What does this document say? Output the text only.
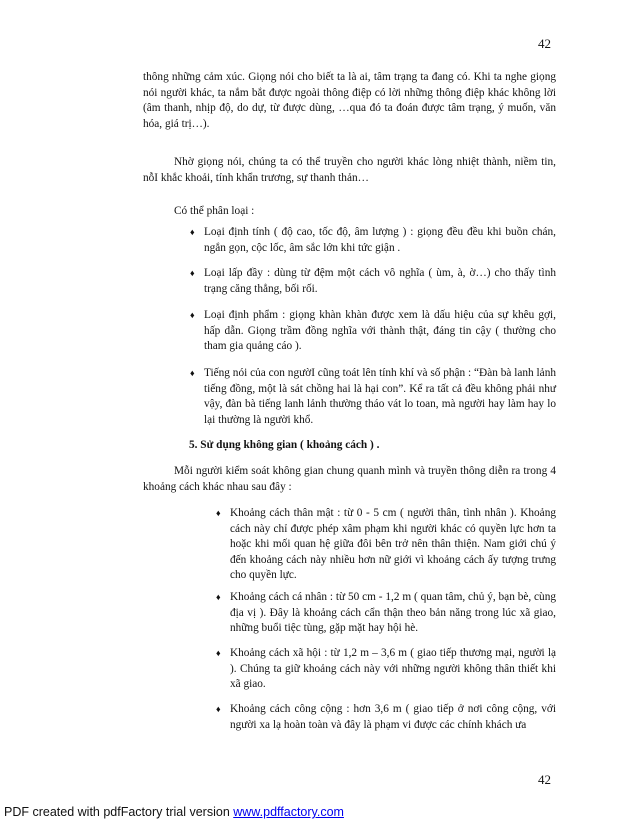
42

thông những cảm xúc. Giọng nói cho biết ta là ai, tâm trạng ta đang có. Khi ta nghe giọng nói người khác, ta nắm bắt được ngoài thông điệp có lời những thông điệp khác không lời (âm thanh, nhịp độ, do dự, từ được dùng, …qua đó ta đoán được tâm trạng, ý muốn, văn hóa, giá trị…).

Nhờ giọng nói, chúng ta có thể truyền cho người khác lòng nhiệt thành, niềm tin, nỗI khắc khoải, tính khẩn trương, sự thanh thản…

Có thể phân loại :

♦ Loại định tính ( độ cao, tốc độ, âm lượng ) : giọng đều đều khi buồn chán, ngắn gọn, cộc lốc, âm sắc lớn khi tức giận .
♦ Loại lấp đầy : dùng từ đệm một cách vô nghĩa ( ùm, à, ờ…) cho thấy tình trạng căng thẳng, bối rối.
♦ Loại định phẩm : giọng khàn khàn được xem là dấu hiệu của sự khêu gợi, hấp dẫn. Giọng trầm đồng nghĩa với thành thật, đáng tin cậy ( thường cho tham gia quảng cáo ).
♦ Tiếng nói của con ngườI cũng toát lên tính khí và số phận : “Đàn bà lanh lảnh tiếng đồng, một là sát chồng hai là hại con”. Kể ra tất cả đều không phải như vậy, đàn bà tiếng lanh lảnh thường tháo vát lo toan, mà người hay làm hay lo lại thường là người khổ.
5. Sử dụng không gian ( khoảng cách ) .

Mỗi người kiểm soát không gian chung quanh mình và truyền thông diễn ra trong 4 khoảng cách khác nhau sau đây :

♦ Khoảng cách thân mật : từ 0 - 5 cm ( người thân, tình nhân ). Khoảng cách này chỉ được phép xâm phạm khi người khác có quyền lực hơn ta hoặc khi mối quan hệ giữa đôi bên trở nên thân thiện. Nam giới chú ý đến khoảng cách này nhiều hơn nữ giới vì khoảng cách ấy tượng trưng cho quyền lực.
♦ Khoảng cách cá nhân : từ 50 cm - 1,2 m ( quan tâm, chủ ý, bạn bè, cùng địa vị ). Đây là khoảng cách cẩn thận theo bản năng trong lúc xã giao, những buổi tiệc tùng, gặp mặt hay hội hè.
♦ Khoảng cách xã hội : từ 1,2 m – 3,6 m ( giao tiếp thương mại, người lạ ). Chúng ta giữ khoảng cách này với những người không thân thiết khi xã giao.
♦ Khoảng cách công cộng : hơn 3,6 m ( giao tiếp ở nơi công cộng, với người xa lạ hoàn toàn và đây là phạm vi được các chính khách ưa
42
PDF created with pdfFactory trial version www.pdffactory.com
